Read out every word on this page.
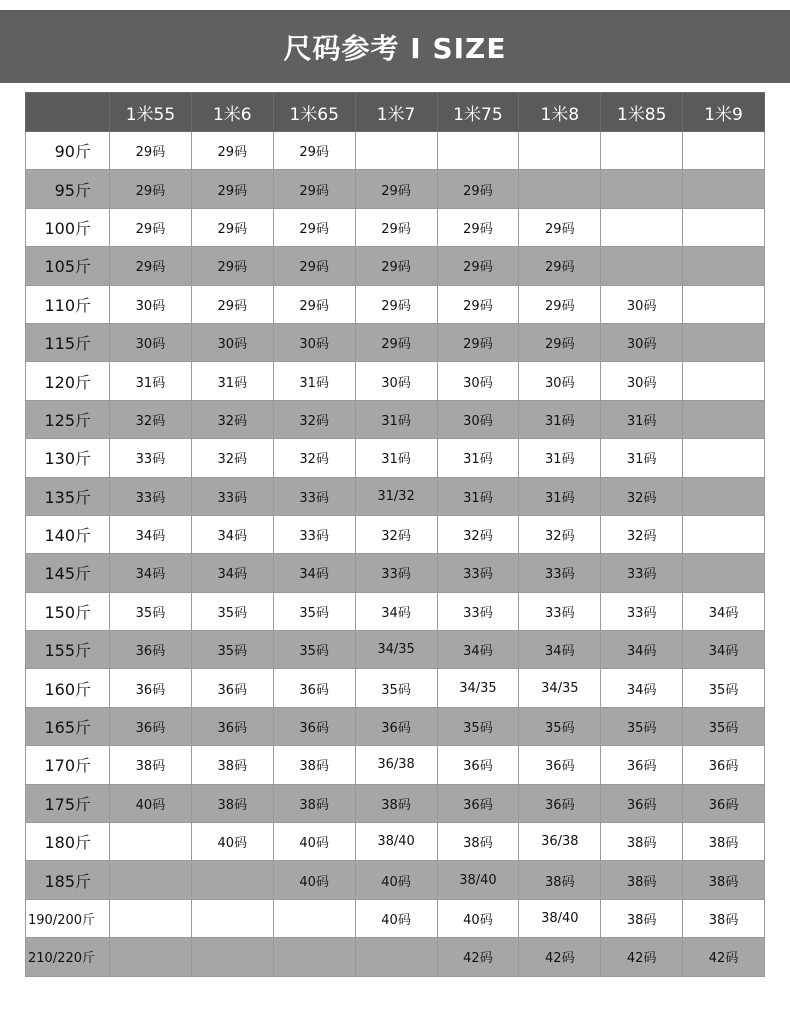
尺码参考 I SIZE
	1米55	1米6	1米65	1米7	1米75	1米8	1米85	1米9
90斤	29码	29码	29码					
95斤	29码	29码	29码	29码	29码			
100斤	29码	29码	29码	29码	29码	29码		
105斤	29码	29码	29码	29码	29码	29码		
110斤	30码	29码	29码	29码	29码	29码	30码	
115斤	30码	30码	30码	29码	29码	29码	30码	
120斤	31码	31码	31码	30码	30码	30码	30码	
125斤	32码	32码	32码	31码	30码	31码	31码	
130斤	33码	32码	32码	31码	31码	31码	31码	
135斤	33码	33码	33码	31/32	31码	31码	32码	
140斤	34码	34码	33码	32码	32码	32码	32码	
145斤	34码	34码	34码	33码	33码	33码	33码	
150斤	35码	35码	35码	34码	33码	33码	33码	34码
155斤	36码	35码	35码	34/35	34码	34码	34码	34码
160斤	36码	36码	36码	35码	34/35	34/35	34码	35码
165斤	36码	36码	36码	36码	35码	35码	35码	35码
170斤	38码	38码	38码	36/38	36码	36码	36码	36码
175斤	40码	38码	38码	38码	36码	36码	36码	36码
180斤		40码	40码	38/40	38码	36/38	38码	38码
185斤			40码	40码	38/40	38码	38码	38码
190/200斤				40码	40码	38/40	38码	38码
210/220斤					42码	42码	42码	42码
